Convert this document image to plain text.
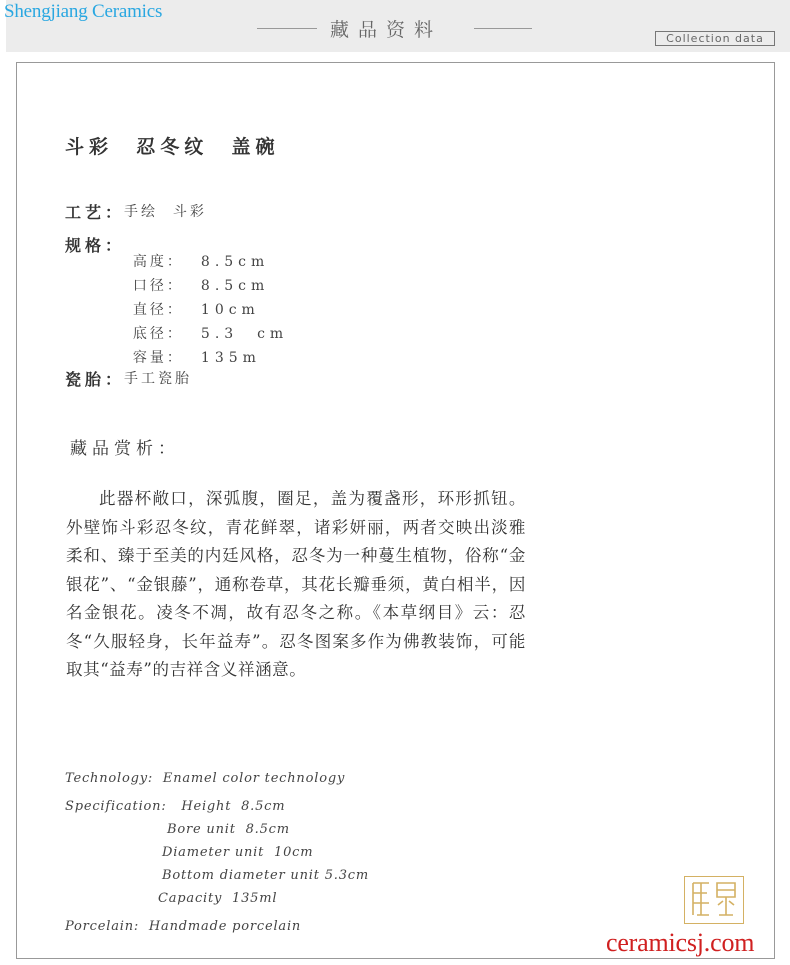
Shengjiang Ceramics
藏品资料	Collection data
斗彩  忍冬纹  盖碗
工艺：
手绘  斗彩
规格：

高度： 8.5cm

口径： 8.5cm

直径： 10cm

底径： 5.3  cm

容量： 135m

瓷胎：
手工瓷胎
藏品赏析：
此器杯敞口，深弧腹，圈足，盖为覆盏形，环形抓钮。外壁饰斗彩忍冬纹，青花鲜翠，诸彩妍丽，两者交映出淡雅柔和、臻于至美的内廷风格，忍冬为一种蔓生植物，俗称“金银花”、“金银藤”，通称卷草，其花长瓣垂须，黄白相半，因名金银花。凌冬不凋，故有忍冬之称。《本草纲目》云：忍冬“久服轻身，长年益寿”。忍冬图案多作为佛教装饰，可能取其“益寿”的吉祥含义祥涵意。
Technology:  Enamel color technology
Specification:   Height  8.5cm
Bore unit  8.5cm
Diameter unit  10cm
Bottom diameter unit 5.3cm
Capacity  135ml
Porcelain:  Handmade porcelain
ceramicsj.com
